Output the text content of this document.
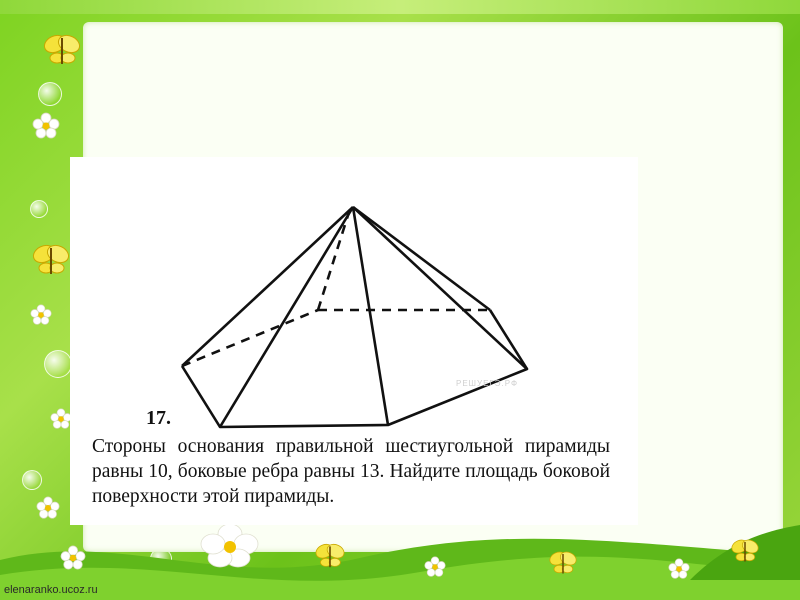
РЕШУЕГЭ.РФ
17.
Стороны основания правильной шестиугольной пирамиды равны 10, боковые ребра равны 13. Найдите площадь боковой поверхности этой пирамиды.
elenaranko.ucoz.ru
